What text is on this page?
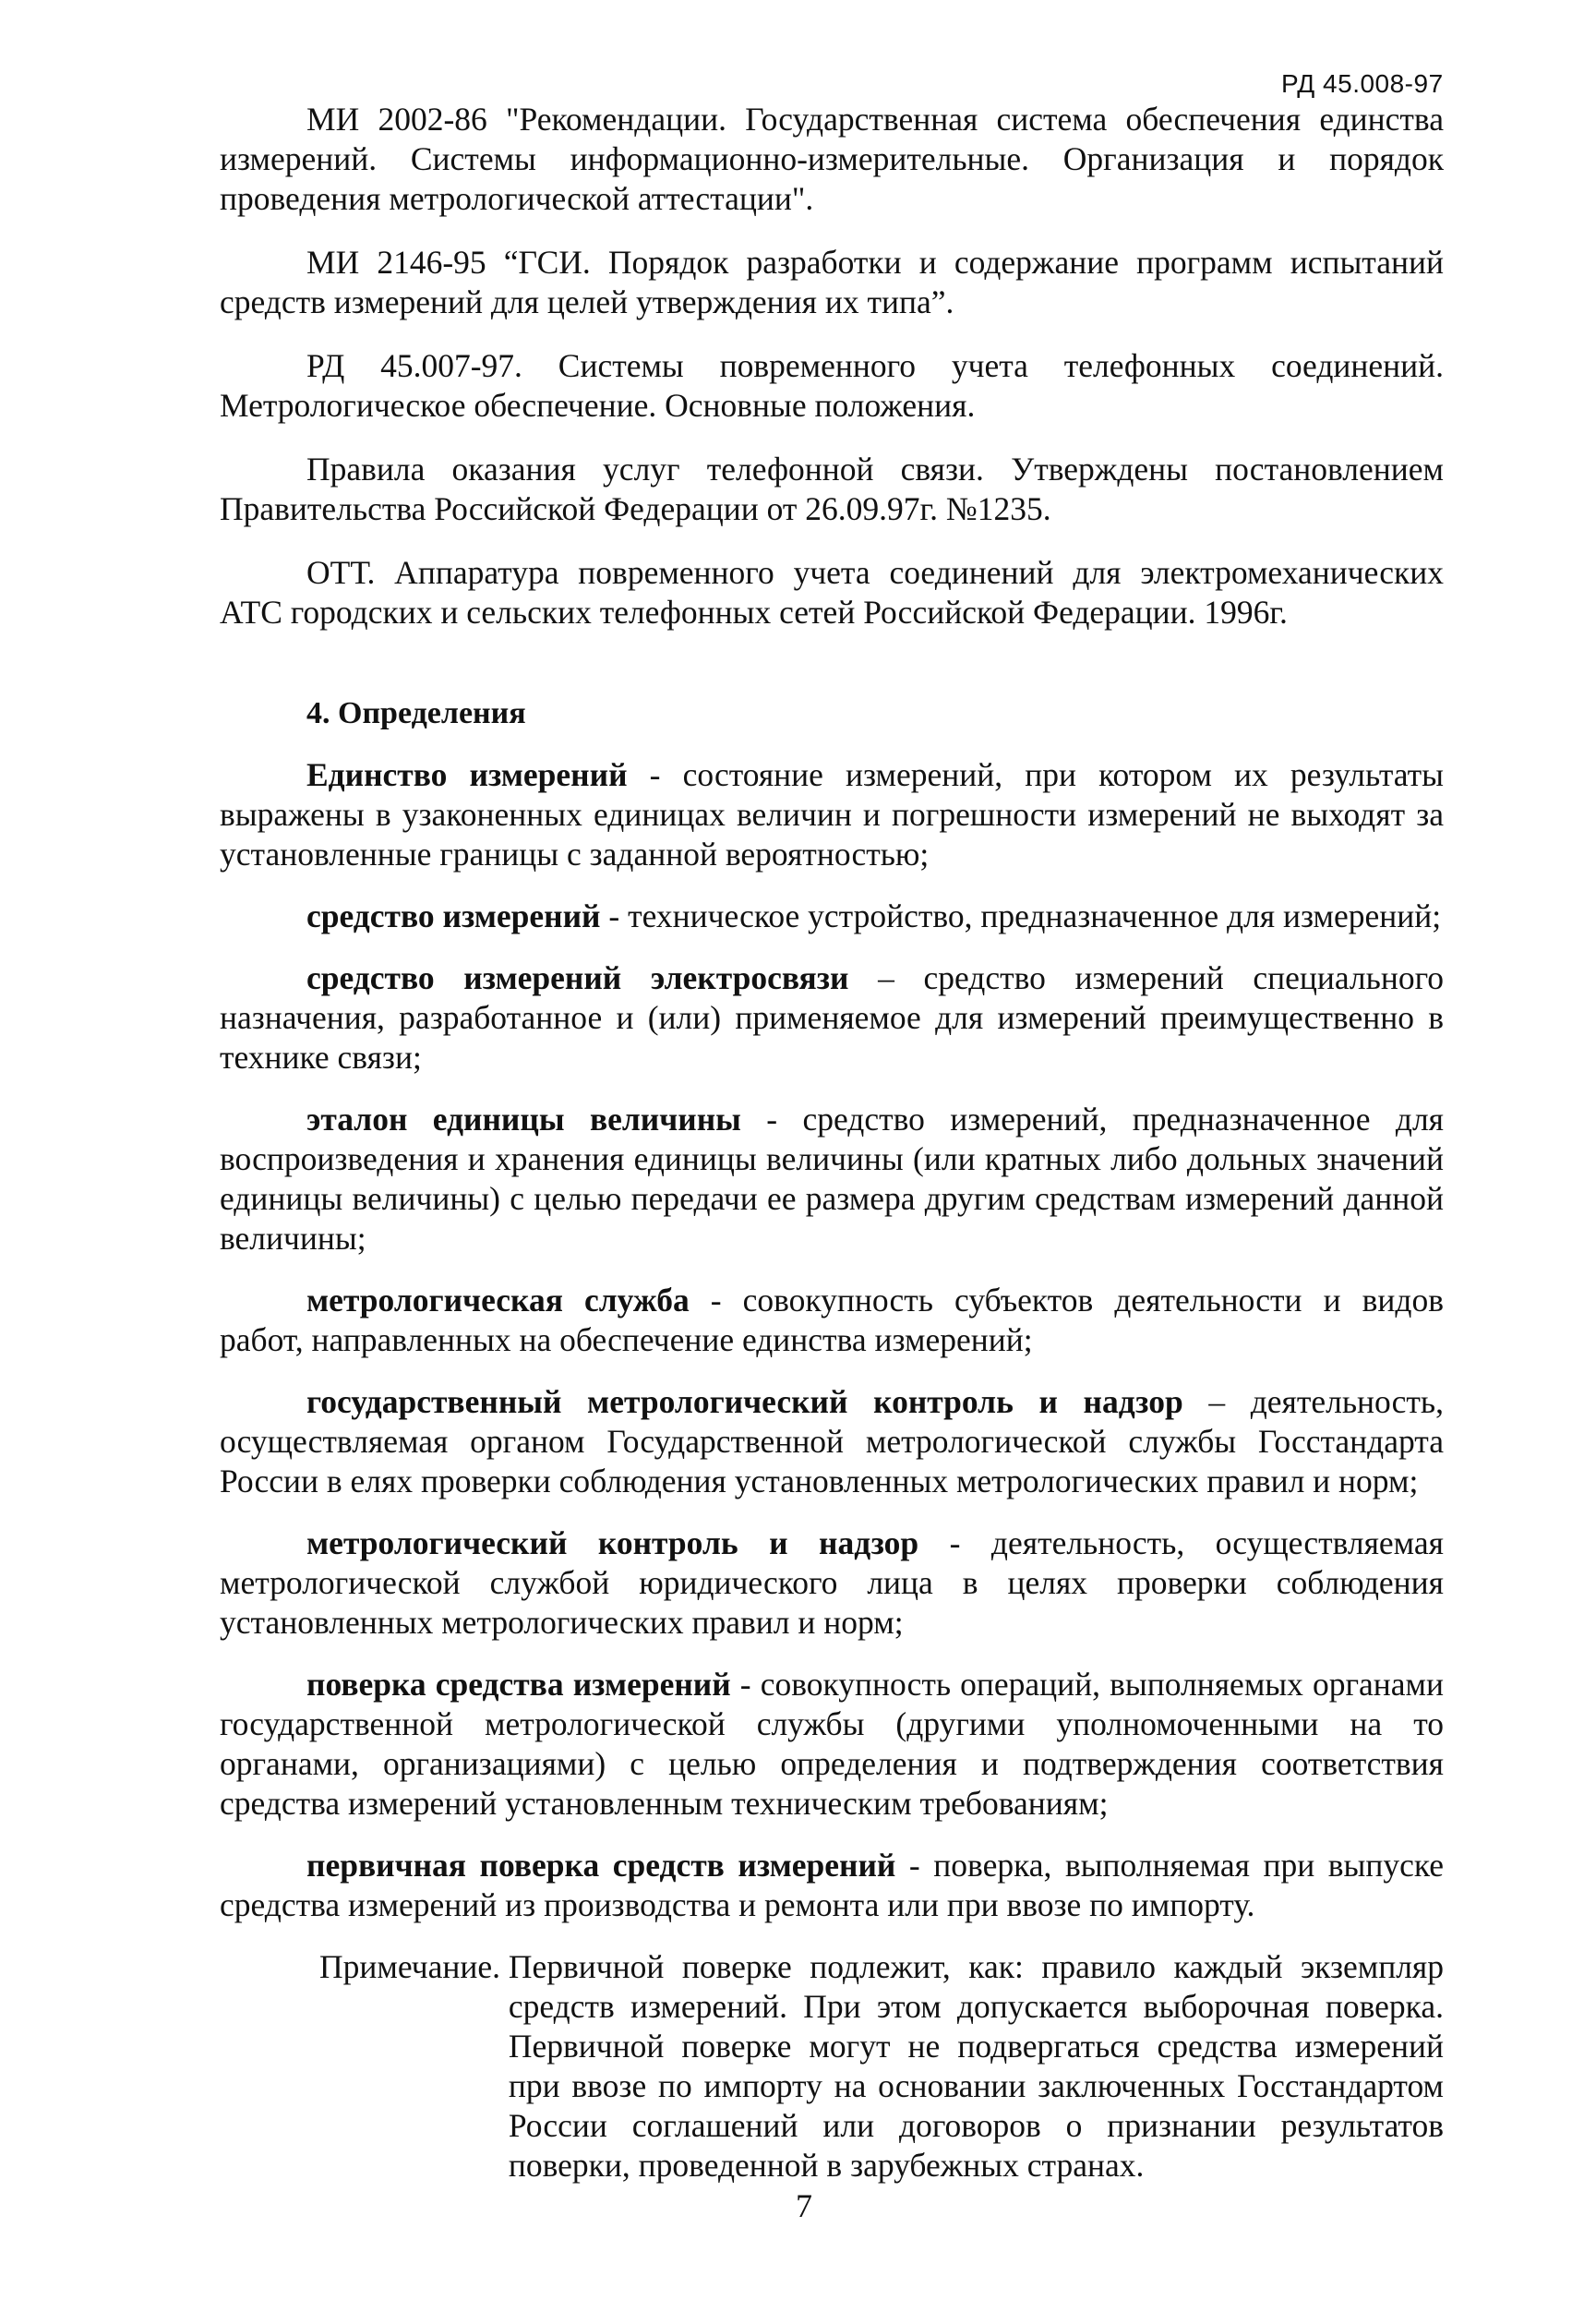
РД 45.008-97

МИ 2002-86 "Рекомендации. Государственная система обеспечения единства измерений. Системы информационно-измерительные. Организация и порядок проведения метрологической аттестации".

МИ 2146-95 “ГСИ. Порядок разработки и содержание программ испытаний средств измерений для целей утверждения их типа”.

РД 45.007-97. Системы повременного учета телефонных соединений. Метрологическое обеспечение. Основные положения.

Правила оказания услуг телефонной связи. Утверждены постановлением Правительства Российской Федерации от 26.09.97г. №1235.

ОТТ. Аппаратура повременного учета соединений для электромеханических АТС городских и сельских телефонных сетей Российской Федерации. 1996г.

4. Определения

Единство измерений - состояние измерений, при котором их результаты выражены в узаконенных единицах величин и погрешности измерений не выходят за установленные границы с заданной вероятностью;

средство измерений - техническое устройство, предназначенное для измерений;

средство измерений электросвязи – средство измерений специального назначения, разработанное и (или) применяемое для измерений преимущественно в технике связи;

эталон единицы величины - средство измерений, предназначенное для воспроизведения и хранения единицы величины (или кратных либо дольных значений единицы величины) с целью передачи ее размера другим средствам измерений данной величины;

метрологическая служба - совокупность субъектов деятельности и видов работ, направленных на обеспечение единства измерений;

государственный метрологический контроль и надзор – деятельность, осуществляемая органом Государственной метрологической службы Госстандарта России в елях проверки соблюдения установленных метрологических правил и норм;

метрологический контроль и надзор - деятельность, осуществляемая метрологической службой юридического лица в целях проверки соблюдения установленных метрологических правил и норм;

поверка средства измерений - совокупность операций, выполняемых органами государственной метрологической службы (другими уполномоченными на то органами, организациями) с целью определения и подтверждения соответствия средства измерений установленным техническим требованиям;

первичная поверка средств измерений - поверка, выполняемая при выпуске средства измерений из производства и ремонта или при ввозе по импорту.

Примечание. Первичной поверке подлежит, как: правило каждый экземпляр средств измерений. При этом допускается выборочная поверка. Первичной поверке могут не подвергаться средства измерений при ввозе по импорту на основании заключенных Госстандартом России соглашений или договоров о признании результатов поверки, проведенной в зарубежных странах.
7
